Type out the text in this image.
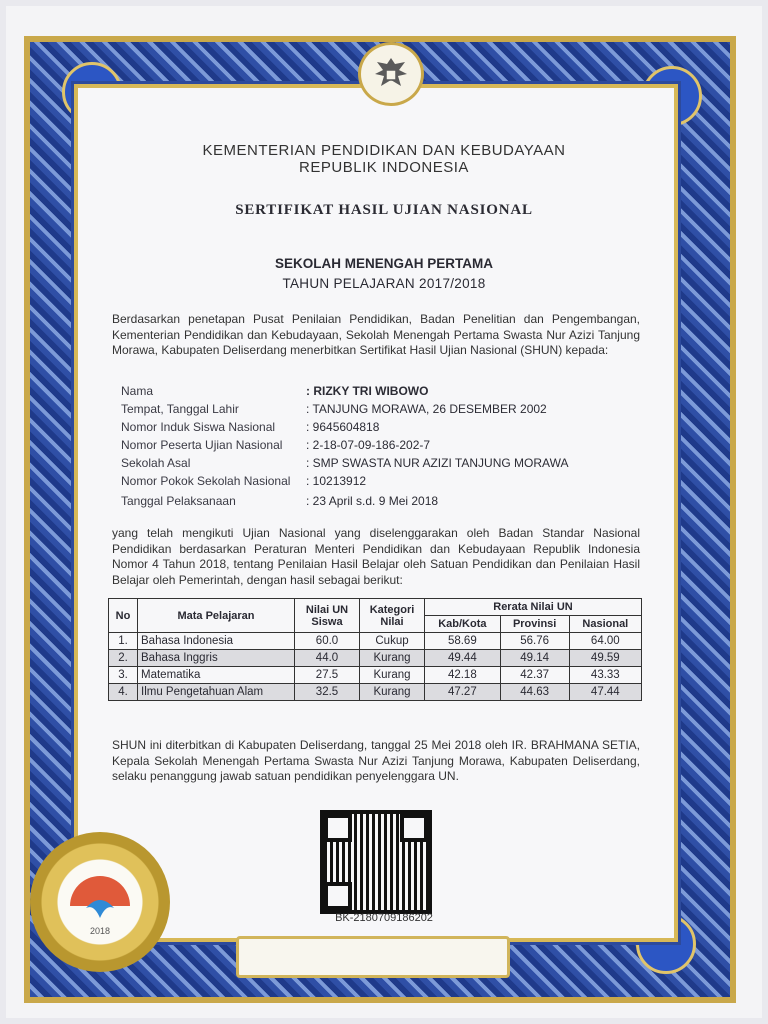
KEMENTERIAN PENDIDIKAN DAN KEBUDAYAAN
REPUBLIK INDONESIA
SERTIFIKAT HASIL UJIAN NASIONAL
SEKOLAH MENENGAH PERTAMA
TAHUN PELAJARAN 2017/2018
Berdasarkan penetapan Pusat Penilaian Pendidikan, Badan Penelitian dan Pengembangan, Kementerian Pendidikan dan Kebudayaan, Sekolah Menengah Pertama Swasta Nur Azizi Tanjung Morawa, Kabupaten Deliserdang menerbitkan Sertifikat Hasil Ujian Nasional (SHUN) kepada:
Nama	: RIZKY TRI WIBOWO
Tempat, Tanggal Lahir	: TANJUNG MORAWA, 26 DESEMBER 2002
Nomor Induk Siswa Nasional	: 9645604818
Nomor Peserta Ujian Nasional : 2-18-07-09-186-202-7
Sekolah Asal	: SMP SWASTA NUR AZIZI TANJUNG MORAWA
Nomor Pokok Sekolah Nasional : 10213912
Tanggal Pelaksanaan	: 23 April s.d. 9 Mei 2018
yang telah mengikuti Ujian Nasional yang diselenggarakan oleh Badan Standar Nasional Pendidikan berdasarkan Peraturan Menteri Pendidikan dan Kebudayaan Republik Indonesia Nomor 4 Tahun 2018, tentang Penilaian Hasil Belajar oleh Satuan Pendidikan dan Penilaian Hasil Belajar oleh Pemerintah, dengan hasil sebagai berikut:
No	Mata Pelajaran	Nilai UN Siswa	Kategori Nilai	Rerata Nilai UN		
				Kab/Kota	Provinsi	Nasional
1.	Bahasa Indonesia	60.0	Cukup	58.69	56.76	64.00
2.	Bahasa Inggris	44.0	Kurang	49.44	49.14	49.59
3.	Matematika	27.5	Kurang	42.18	42.37	43.33
4.	Ilmu Pengetahuan Alam	32.5	Kurang	47.27	44.63	47.44
SHUN ini diterbitkan di Kabupaten Deliserdang, tanggal 25 Mei 2018 oleh IR. BRAHMANA SETIA, Kepala Sekolah Menengah Pertama Swasta Nur Azizi Tanjung Morawa, Kabupaten Deliserdang, selaku penanggung jawab satuan pendidikan penyelenggara UN.
BK-2180709186202
2018
